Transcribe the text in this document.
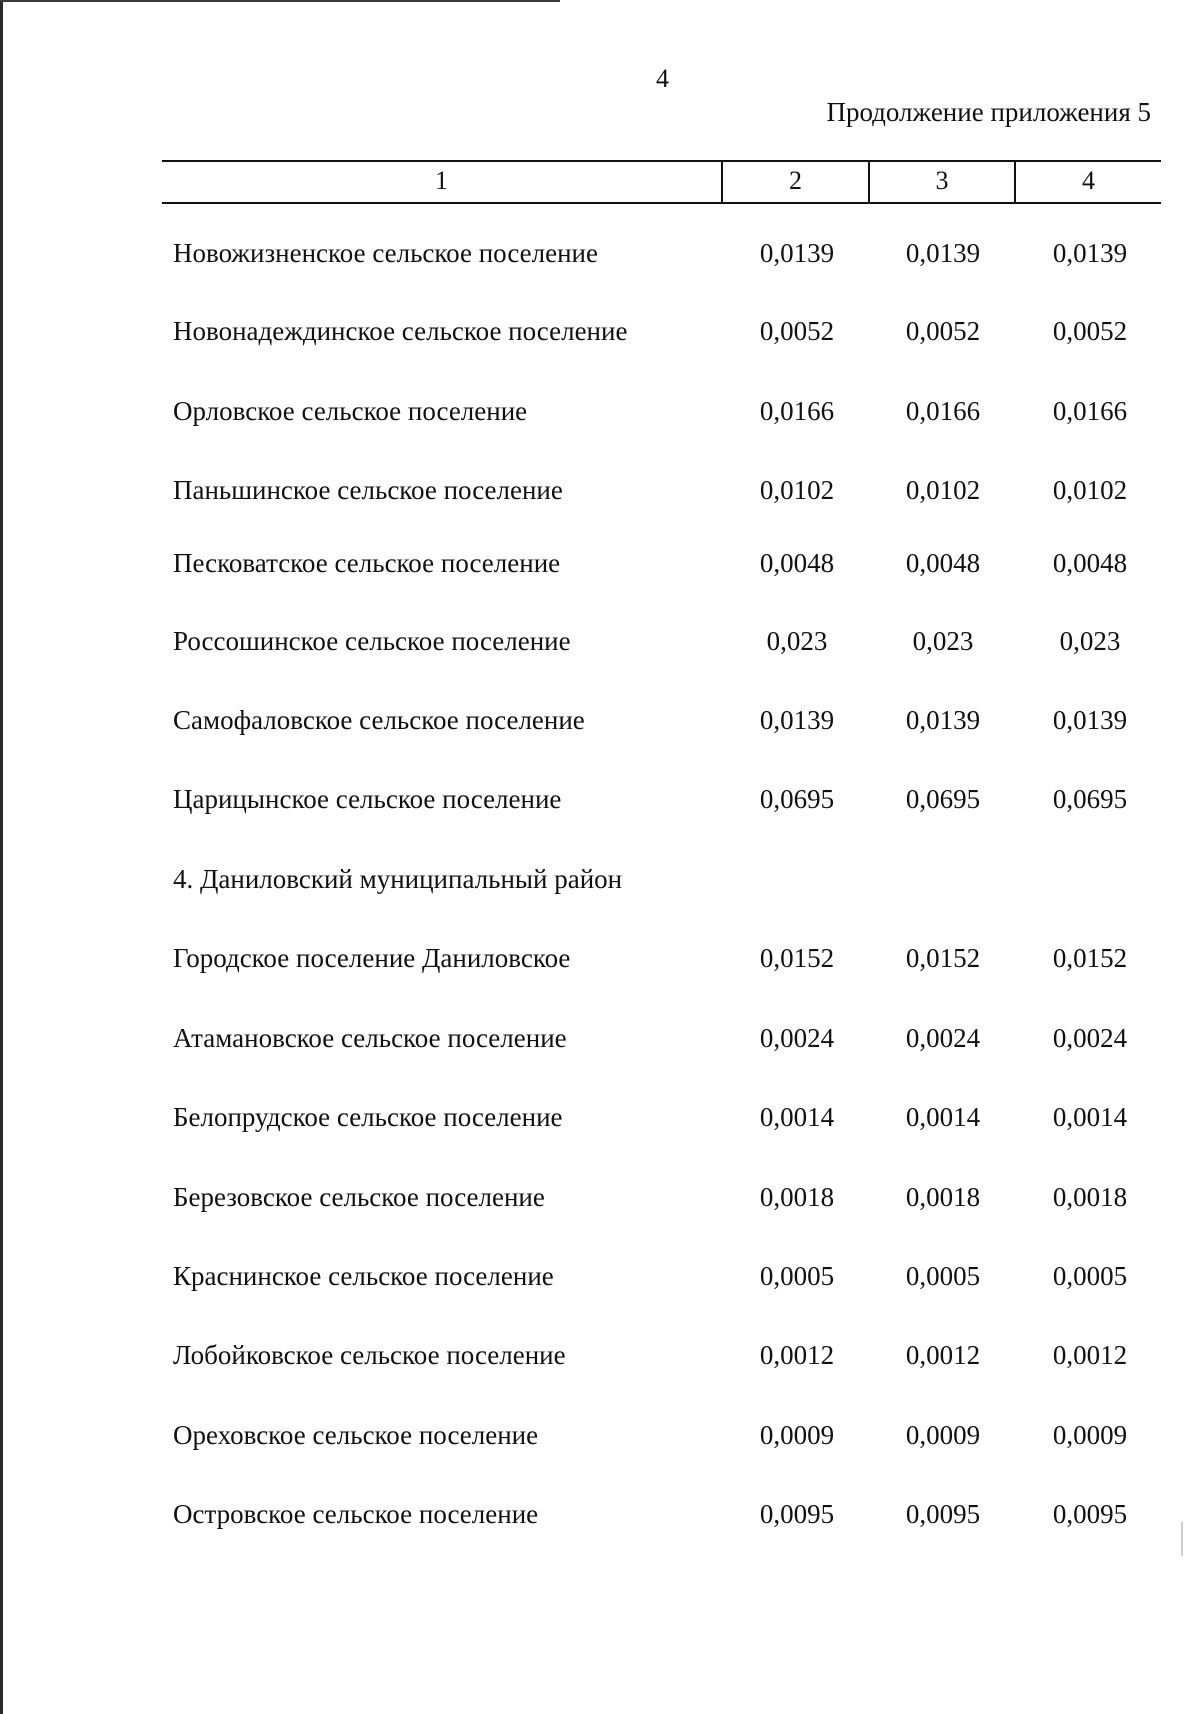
4
Продолжение приложения 5
1	2	3	4
Новожизненское сельское поселение	0,0139	0,0139	0,0139
Новонадеждинское сельское поселение	0,0052	0,0052	0,0052
Орловское сельское поселение	0,0166	0,0166	0,0166
Паньшинское сельское поселение	0,0102	0,0102	0,0102
Песковатское сельское поселение	0,0048	0,0048	0,0048
Россошинское сельское поселение	0,023	0,023	0,023
Самофаловское сельское поселение	0,0139	0,0139	0,0139
Царицынское сельское поселение	0,0695	0,0695	0,0695
4. Даниловский муниципальный район
Городское поселение Даниловское	0,0152	0,0152	0,0152
Атамановское сельское поселение	0,0024	0,0024	0,0024
Белопрудское сельское поселение	0,0014	0,0014	0,0014
Березовское сельское поселение	0,0018	0,0018	0,0018
Краснинское сельское поселение	0,0005	0,0005	0,0005
Лобойковское сельское поселение	0,0012	0,0012	0,0012
Ореховское сельское поселение	0,0009	0,0009	0,0009
Островское сельское поселение	0,0095	0,0095	0,0095
